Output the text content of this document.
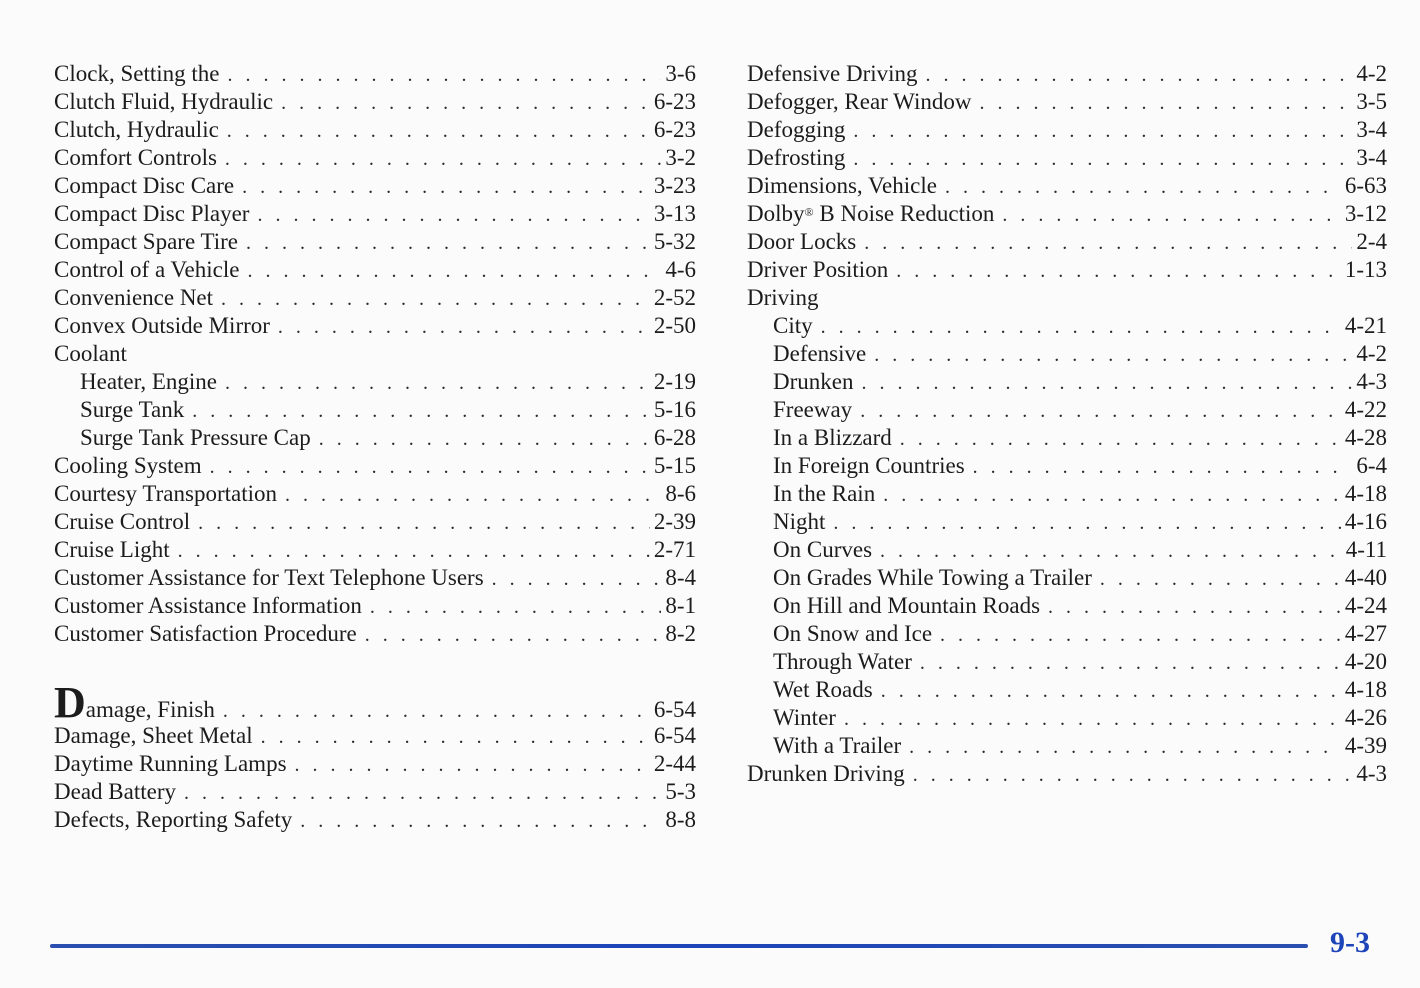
Clock, Setting the . . .	3-6
Clutch Fluid, Hydraulic . . .	6-23
Clutch, Hydraulic . . .	6-23
Comfort Controls . . .	3-2
Compact Disc Care . . .	3-23
Compact Disc Player . . .	3-13
Compact Spare Tire . . .	5-32
Control of a Vehicle . . .	4-6
Convenience Net . . .	2-52
Convex Outside Mirror . . .	2-50
Coolant
Heater, Engine . . .	2-19
Surge Tank . . .	5-16
Surge Tank Pressure Cap . . .	6-28
Cooling System . . .	5-15
Courtesy Transportation . . .	8-6
Cruise Control . . .	2-39
Cruise Light . . .	2-71
Customer Assistance for Text Telephone Users . . .	8-4
Customer Assistance Information . . .	8-1
Customer Satisfaction Procedure . . .	8-2
Damage, Finish . . .	6-54
Damage, Sheet Metal . . .	6-54
Daytime Running Lamps . . .	2-44
Dead Battery . . .	5-3
Defects, Reporting Safety . . .	8-8
Defensive Driving . . .	4-2
Defogger, Rear Window . . .	3-5
Defogging . . .	3-4
Defrosting . . .	3-4
Dimensions, Vehicle . . .	6-63
Dolby® B Noise Reduction . . .	3-12
Door Locks . . .	2-4
Driver Position . . .	1-13
Driving
City . . .	4-21
Defensive . . .	4-2
Drunken . . .	4-3
Freeway . . .	4-22
In a Blizzard . . .	4-28
In Foreign Countries . . .	6-4
In the Rain . . .	4-18
Night . . .	4-16
On Curves . . .	4-11
On Grades While Towing a Trailer . . .	4-40
On Hill and Mountain Roads . . .	4-24
On Snow and Ice . . .	4-27
Through Water . . .	4-20
Wet Roads . . .	4-18
Winter . . .	4-26
With a Trailer . . .	4-39
Drunken Driving . . .	4-3
9-3
